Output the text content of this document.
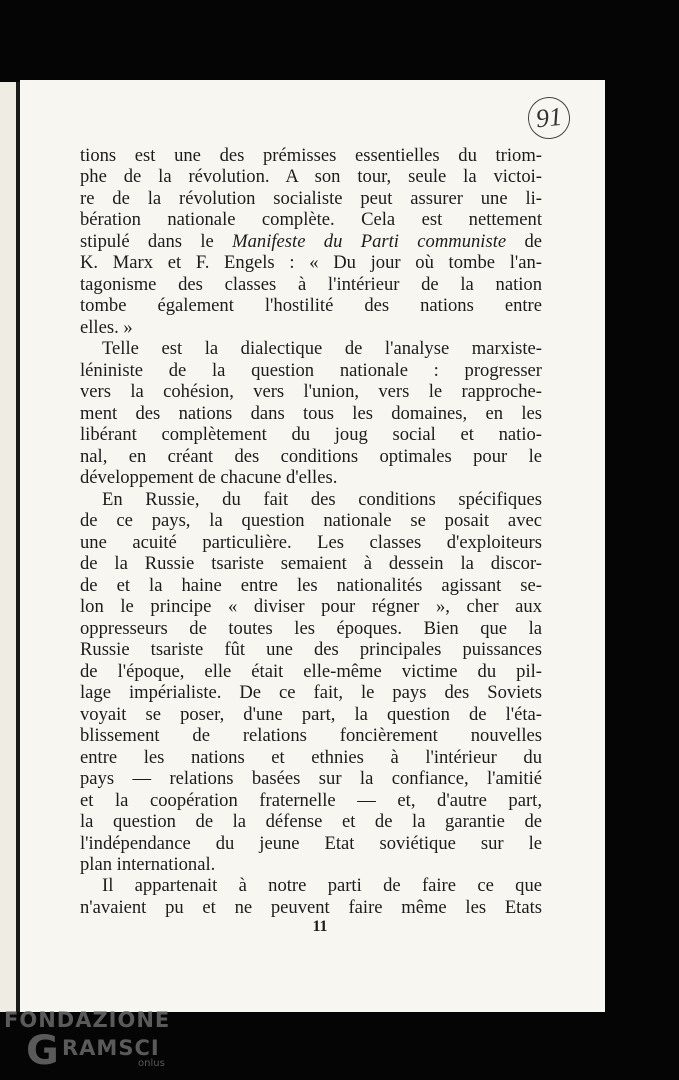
91
tions est une des prémisses essentielles du triom-
phe de la révolution. A son tour, seule la victoi-
re de la révolution socialiste peut assurer une li-
bération nationale complète. Cela est nettement
stipulé dans le Manifeste du Parti communiste de
K. Marx et F. Engels : « Du jour où tombe l'an-
tagonisme des classes à l'intérieur de la nation
tombe également l'hostilité des nations entre
elles. »
Telle est la dialectique de l'analyse marxiste-
léniniste de la question nationale : progresser
vers la cohésion, vers l'union, vers le rapproche-
ment des nations dans tous les domaines, en les
libérant complètement du joug social et natio-
nal, en créant des conditions optimales pour le
développement de chacune d'elles.
En Russie, du fait des conditions spécifiques
de ce pays, la question nationale se posait avec
une acuité particulière. Les classes d'exploiteurs
de la Russie tsariste semaient à dessein la discor-
de et la haine entre les nationalités agissant se-
lon le principe « diviser pour régner », cher aux
oppresseurs de toutes les époques. Bien que la
Russie tsariste fût une des principales puissances
de l'époque, elle était elle-même victime du pil-
lage impérialiste. De ce fait, le pays des Soviets
voyait se poser, d'une part, la question de l'éta-
blissement de relations foncièrement nouvelles
entre les nations et ethnies à l'intérieur du
pays — relations basées sur la confiance, l'amitié
et la coopération fraternelle — et, d'autre part,
la question de la défense et de la garantie de
l'indépendance du jeune Etat soviétique sur le
plan international.
Il appartenait à notre parti de faire ce que
n'avaient pu et ne peuvent faire même les Etats
11
FONDAZIONE
G RAMSCI
onlus
